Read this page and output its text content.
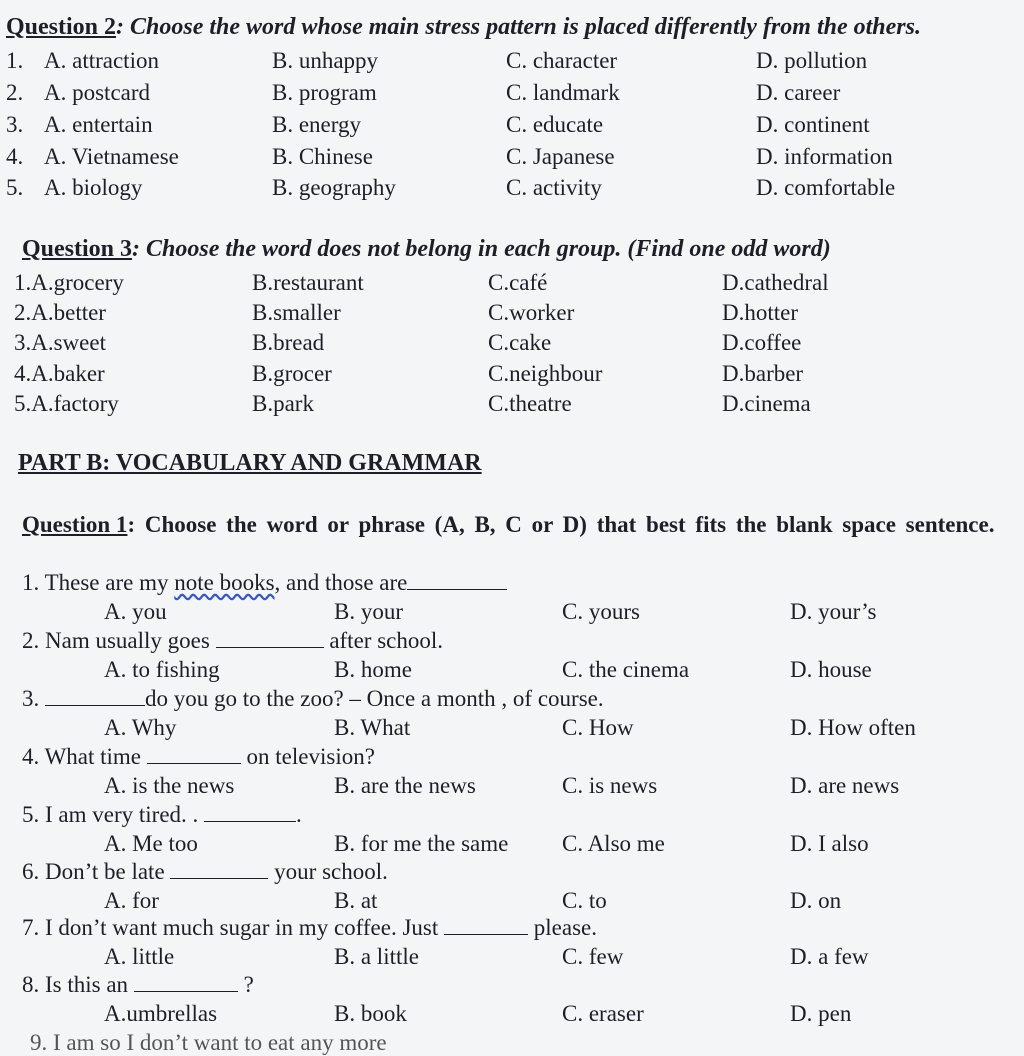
Question 2: Choose the word whose main stress pattern is placed differently from the others.
1. A. attraction	B. unhappy	C. character	D. pollution
2. A. postcard	B. program	C. landmark	D. career
3. A. entertain	B. energy	C. educate	D. continent
4. A. Vietnamese	B. Chinese	C. Japanese	D. information
5. A. biology	B. geography	C. activity	D. comfortable
Question 3: Choose the word does not belong in each group. (Find one odd word)
1.A.grocery	B.restaurant	C.café	D.cathedral
2.A.better	B.smaller	C.worker	D.hotter
3.A.sweet	B.bread	C.cake	D.coffee
4.A.baker	B.grocer	C.neighbour	D.barber
5.A.factory	B.park	C.theatre	D.cinema
PART B: VOCABULARY AND GRAMMAR
Question 1: Choose the word or phrase (A, B, C or D) that best fits the blank space sentence.
1. These are my note books, and those are
A. you	B. your	C. yours	D. your’s
2. Nam usually goes	after school.
A. to fishing	B. home	C. the cinema	D. house
3.	do you go to the zoo? – Once a month , of course.
A. Why	B. What	C. How	D. How often
4. What time	on television?
A. is the news	B. are the news	C. is news	D. are news
5. I am very tired. .	.
A. Me too	B. for me the same C. Also me	D. I also
6. Don’t be late	your school.
A. for	B. at	C. to	D. on
7. I don’t want much sugar in my coffee. Just	please.
A. little	B. a little	C. few	D. a few
8. Is this an	?
A.umbrellas	B. book	C. eraser	D. pen
9. I am so I don’t want to eat any more
